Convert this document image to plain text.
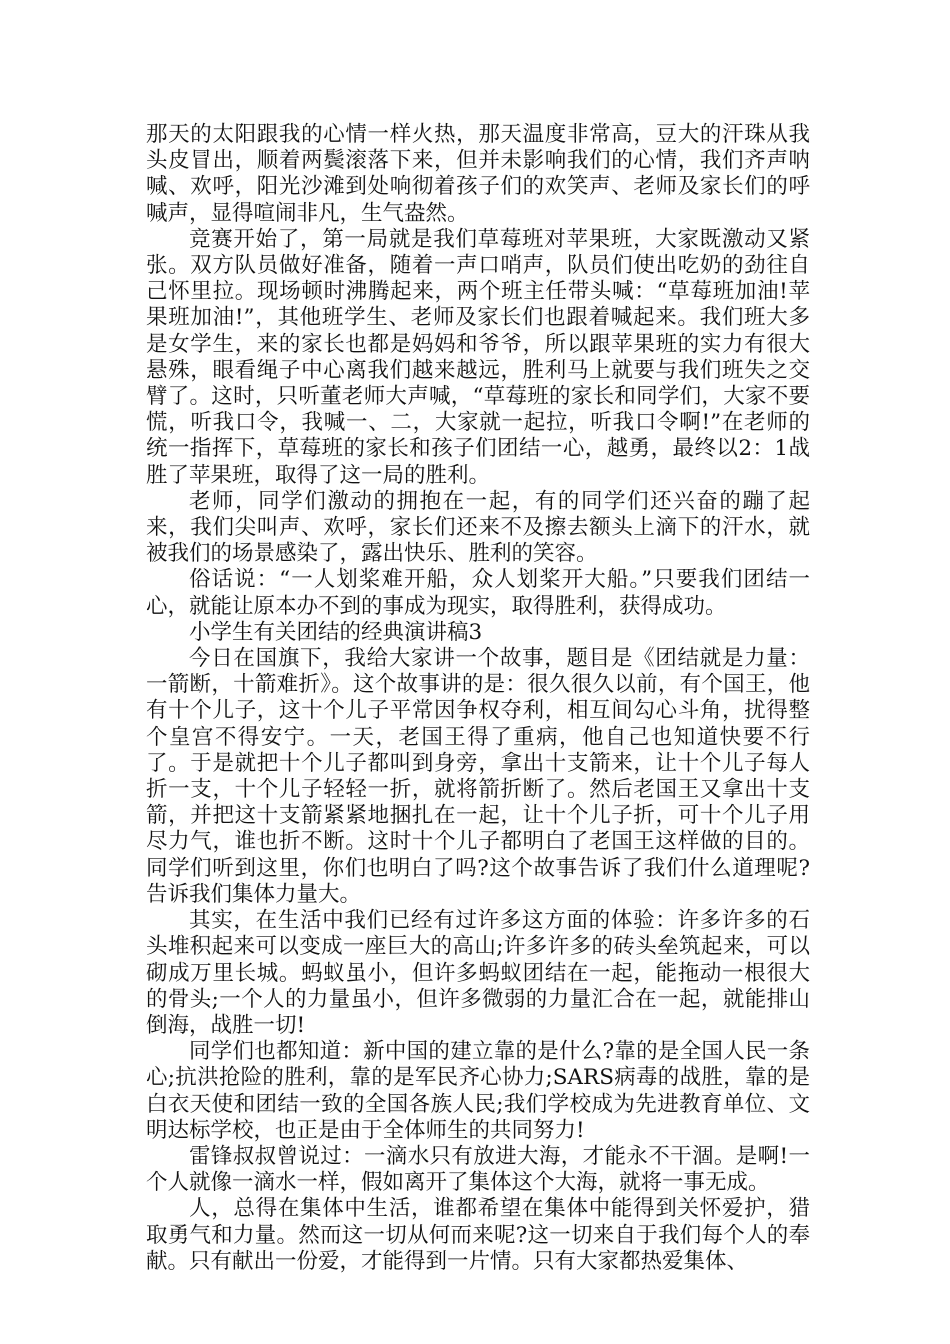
那天的太阳跟我的心情一样火热，那天温度非常高，豆大的汗珠从我头皮冒出，顺着两鬓滚落下来，但并未影响我们的心情，我们齐声呐喊、欢呼，阳光沙滩到处响彻着孩子们的欢笑声、老师及家长们的呼喊声，显得喧闹非凡，生气盎然。

竞赛开始了，第一局就是我们草莓班对苹果班，大家既激动又紧张。双方队员做好准备，随着一声口哨声，队员们使出吃奶的劲往自己怀里拉。现场顿时沸腾起来，两个班主任带头喊：“草莓班加油!苹果班加油!”，其他班学生、老师及家长们也跟着喊起来。我们班大多是女学生，来的家长也都是妈妈和爷爷，所以跟苹果班的实力有很大悬殊，眼看绳子中心离我们越来越远，胜利马上就要与我们班失之交臂了。这时，只听董老师大声喊，“草莓班的家长和同学们，大家不要慌，听我口令，我喊一、二，大家就一起拉，听我口令啊!”在老师的统一指挥下，草莓班的家长和孩子们团结一心，越勇，最终以2：1战胜了苹果班，取得了这一局的胜利。

老师，同学们激动的拥抱在一起，有的同学们还兴奋的蹦了起来，我们尖叫声、欢呼，家长们还来不及擦去额头上滴下的汗水，就被我们的场景感染了，露出快乐、胜利的笑容。

俗话说：“一人划桨难开船，众人划桨开大船。”只要我们团结一心，就能让原本办不到的事成为现实，取得胜利，获得成功。

小学生有关团结的经典演讲稿3

今日在国旗下，我给大家讲一个故事，题目是《团结就是力量：一箭断，十箭难折》。这个故事讲的是：很久很久以前，有个国王，他有十个儿子，这十个儿子平常因争权夺利，相互间勾心斗角，扰得整个皇宫不得安宁。一天，老国王得了重病，他自己也知道快要不行了。于是就把十个儿子都叫到身旁，拿出十支箭来，让十个儿子每人折一支，十个儿子轻轻一折，就将箭折断了。然后老国王又拿出十支箭，并把这十支箭紧紧地捆扎在一起，让十个儿子折，可十个儿子用尽力气，谁也折不断。这时十个儿子都明白了老国王这样做的目的。同学们听到这里，你们也明白了吗?这个故事告诉了我们什么道理呢?告诉我们集体力量大。

其实，在生活中我们已经有过许多这方面的体验：许多许多的石头堆积起来可以变成一座巨大的高山;许多许多的砖头垒筑起来，可以砌成万里长城。蚂蚁虽小，但许多蚂蚁团结在一起，能拖动一根很大的骨头;一个人的力量虽小，但许多微弱的力量汇合在一起，就能排山倒海，战胜一切!

同学们也都知道：新中国的建立靠的是什么?靠的是全国人民一条心;抗洪抢险的胜利，靠的是军民齐心协力;SARS病毒的战胜，靠的是白衣天使和团结一致的全国各族人民;我们学校成为先进教育单位、文明达标学校，也正是由于全体师生的共同努力!

雷锋叔叔曾说过：一滴水只有放进大海，才能永不干涸。是啊!一个人就像一滴水一样，假如离开了集体这个大海，就将一事无成。

人，总得在集体中生活，谁都希望在集体中能得到关怀爱护，猎取勇气和力量。然而这一切从何而来呢?这一切来自于我们每个人的奉献。只有献出一份爱，才能得到一片情。只有大家都热爱集体、
